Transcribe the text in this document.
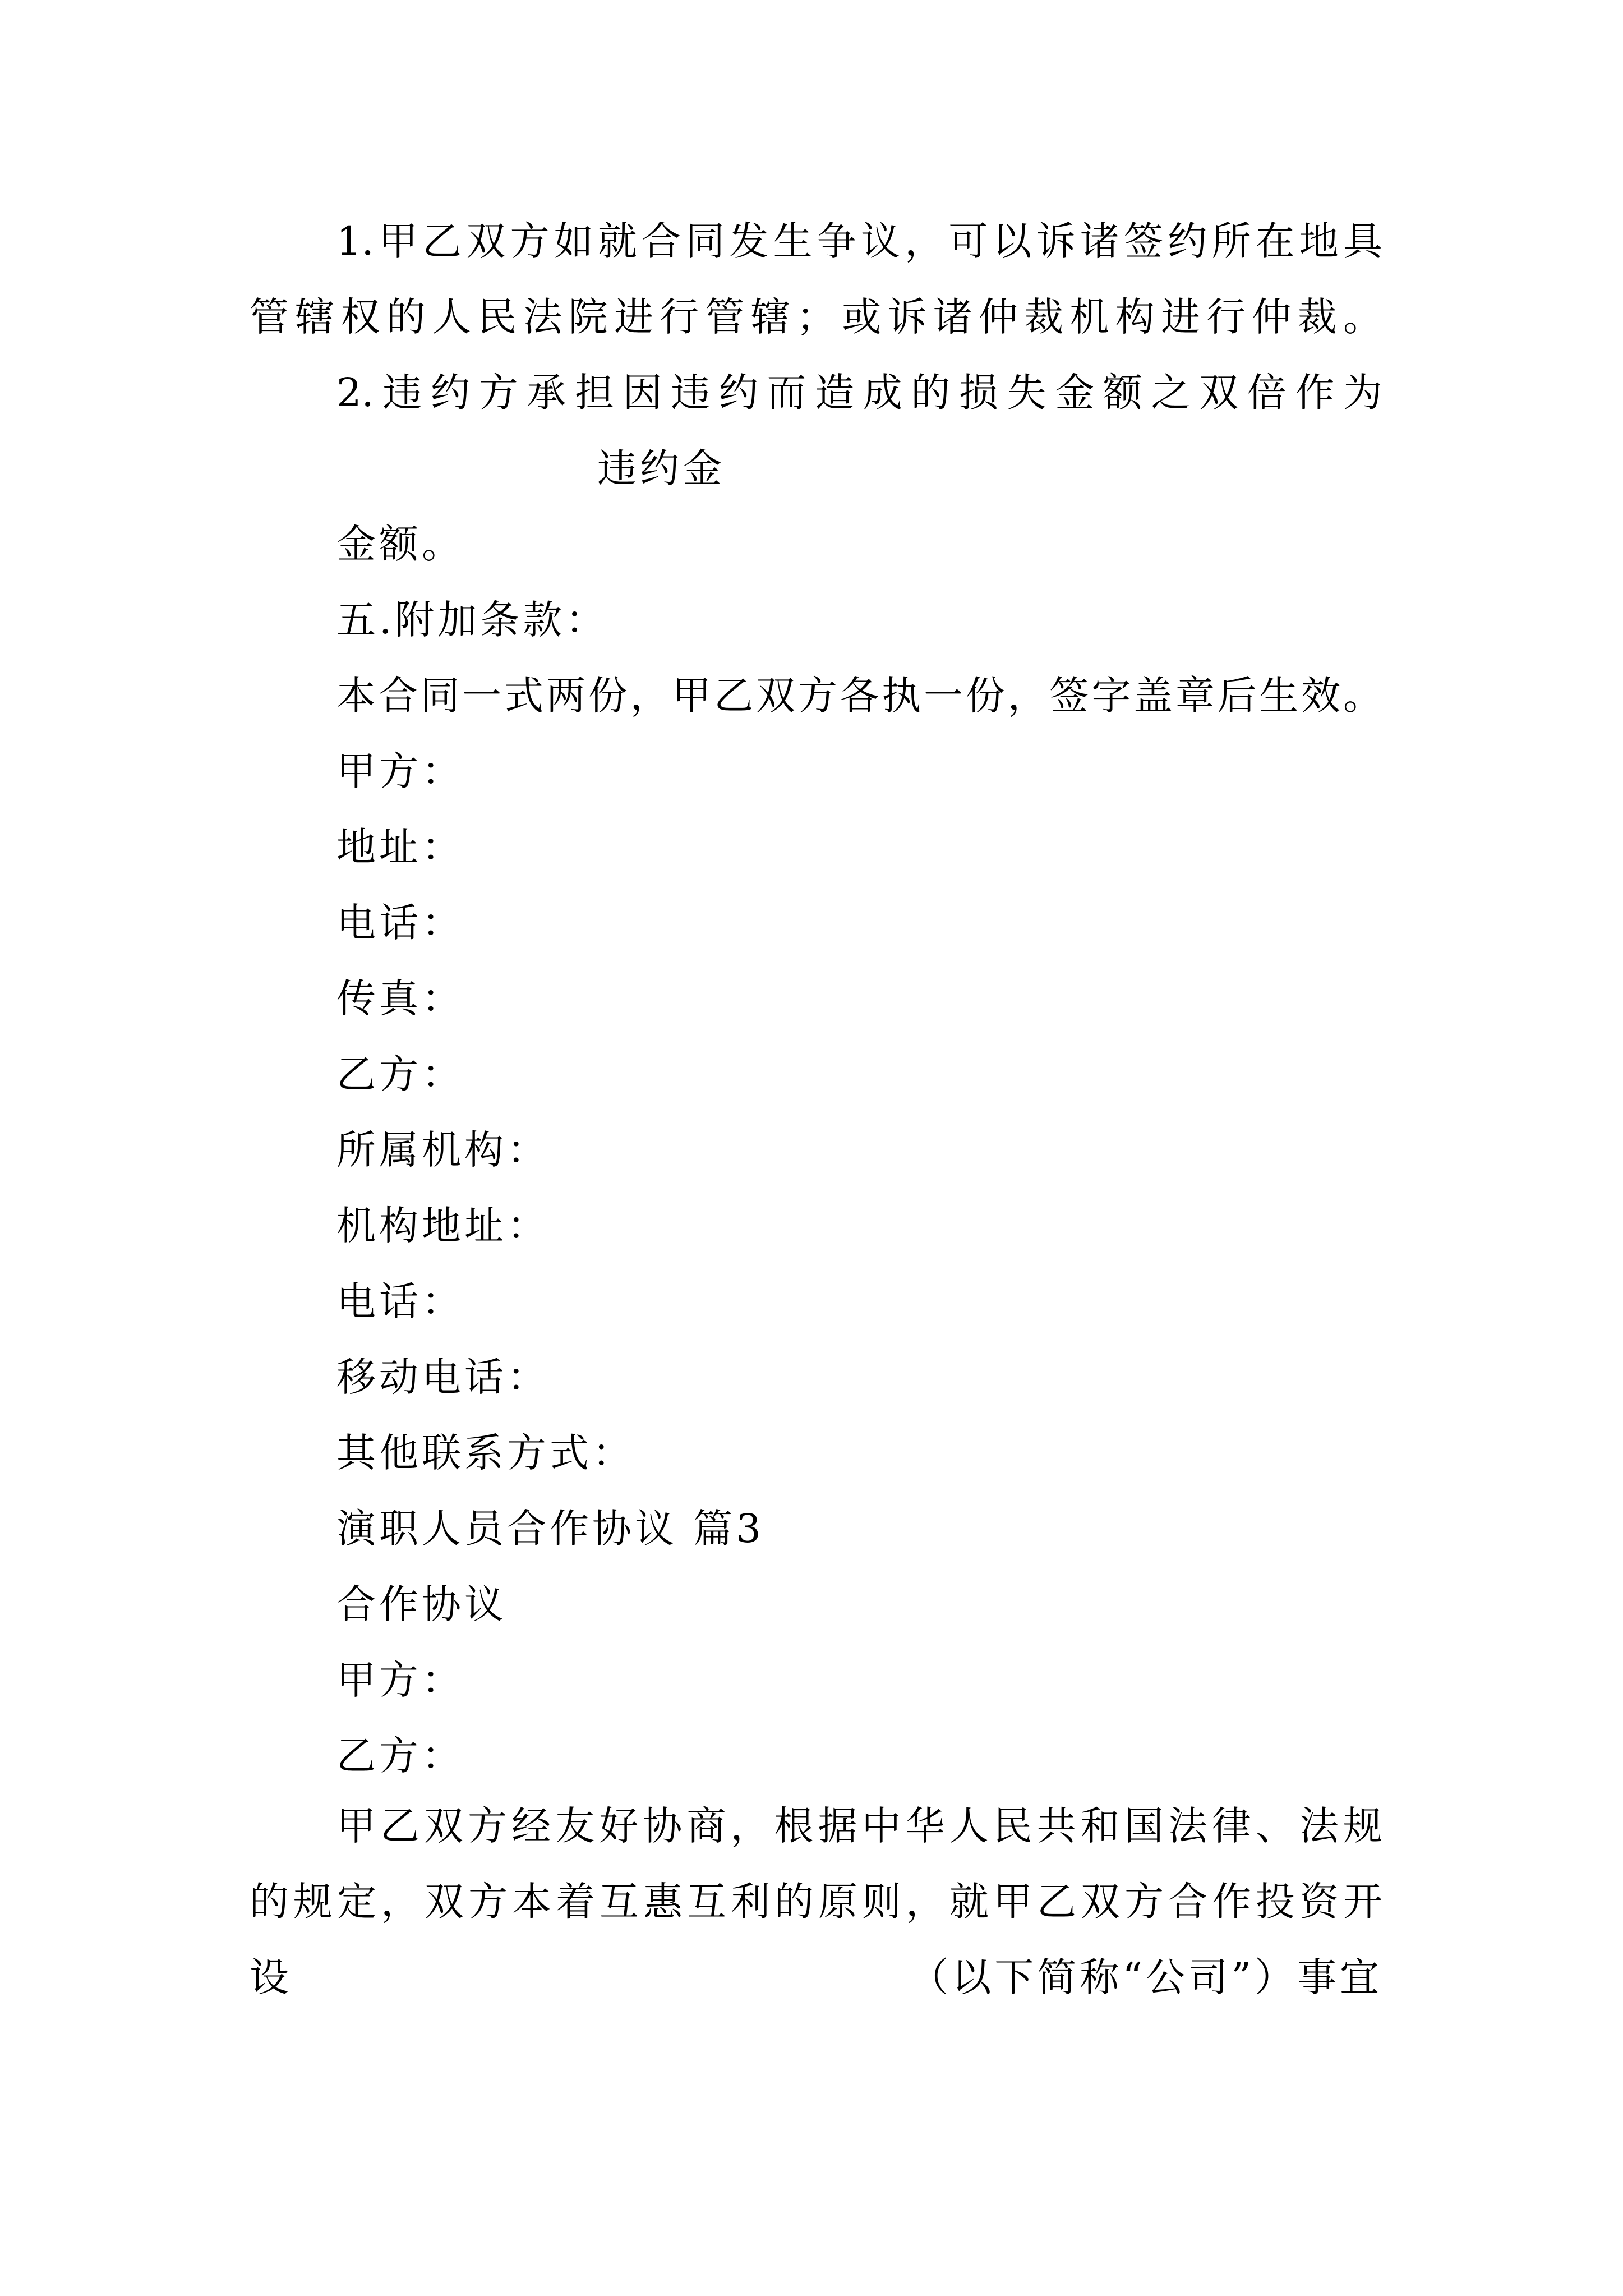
1.甲乙双方如就合同发生争议，可以诉诸签约所在地具
管辖权的人民法院进行管辖；或诉诸仲裁机构进行仲裁。
2.违约方承担因违约而造成的损失金额之双倍作为
违约金
金额。
五.附加条款：
本合同一式两份，甲乙双方各执一份，签字盖章后生效。
甲方：
地址：
电话：
传真：
乙方：
所属机构：
机构地址：
电话：
移动电话：
其他联系方式：
演职人员合作协议 篇3
合作协议
甲方：
乙方：
甲乙双方经友好协商，根据中华人民共和国法律、法规
的规定，双方本着互惠互利的原则，就甲乙双方合作投资开
设	（以下简称“公司”）事宜
